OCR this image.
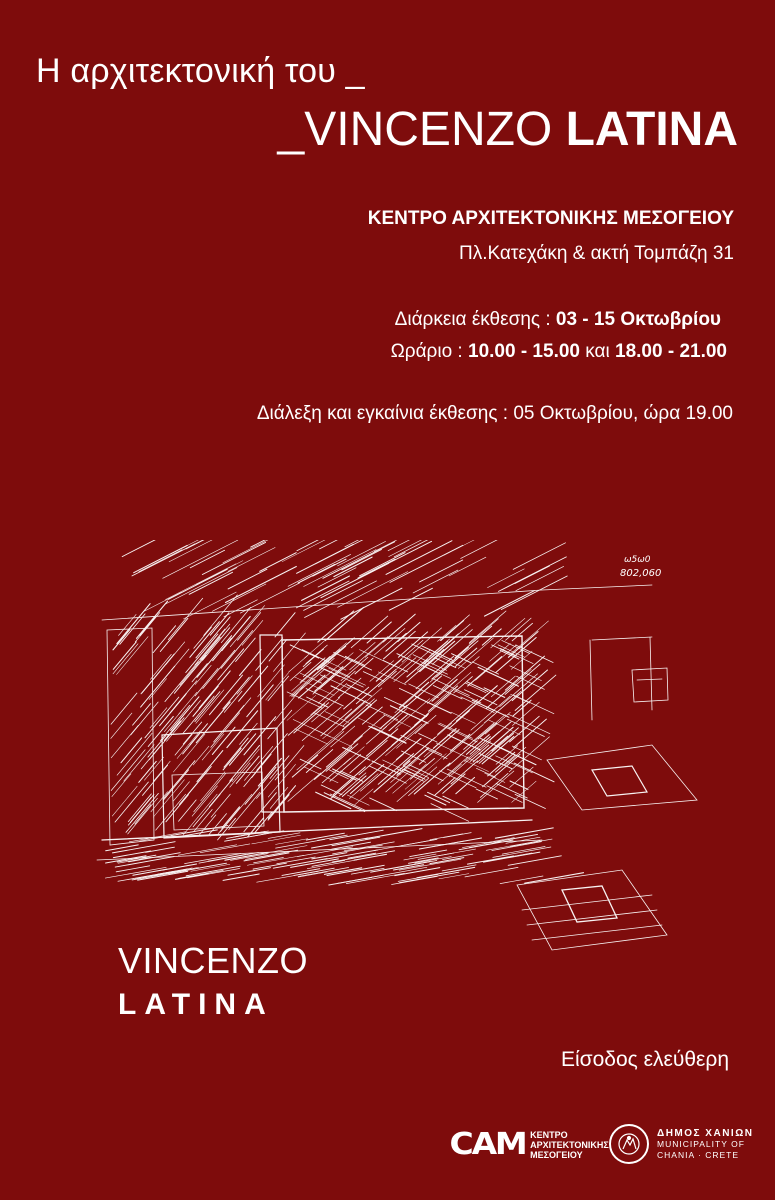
Η αρχιτεκτονική του _
_VINCENZO LATINA
ΚΕΝΤΡΟ ΑΡΧΙΤΕΚΤΟΝΙΚΗΣ ΜΕΣΟΓΕΙΟΥ
Πλ.Κατεχάκη & ακτή Τομπάζη 31
Διάρκεια έκθεσης : 03 - 15 Οκτωβρίου
Ωράριο : 10.00 - 15.00 και 18.00 - 21.00
Διάλεξη και εγκαίνια έκθεσης : 05 Οκτωβρίου, ώρα 19.00
ω5ω0
802,060
VINCENZO
LATINA
Είσοδος ελεύθερη
CAM ΚΕΝΤΡΟ
ΑΡΧΙΤΕΚΤΟΝΙΚΗΣ
ΜΕΣΟΓΕΙΟΥ
ΔΗΜΟΣ ΧΑΝΙΩΝ
MUNICIPALITY OF
CHANIA · CRETE
